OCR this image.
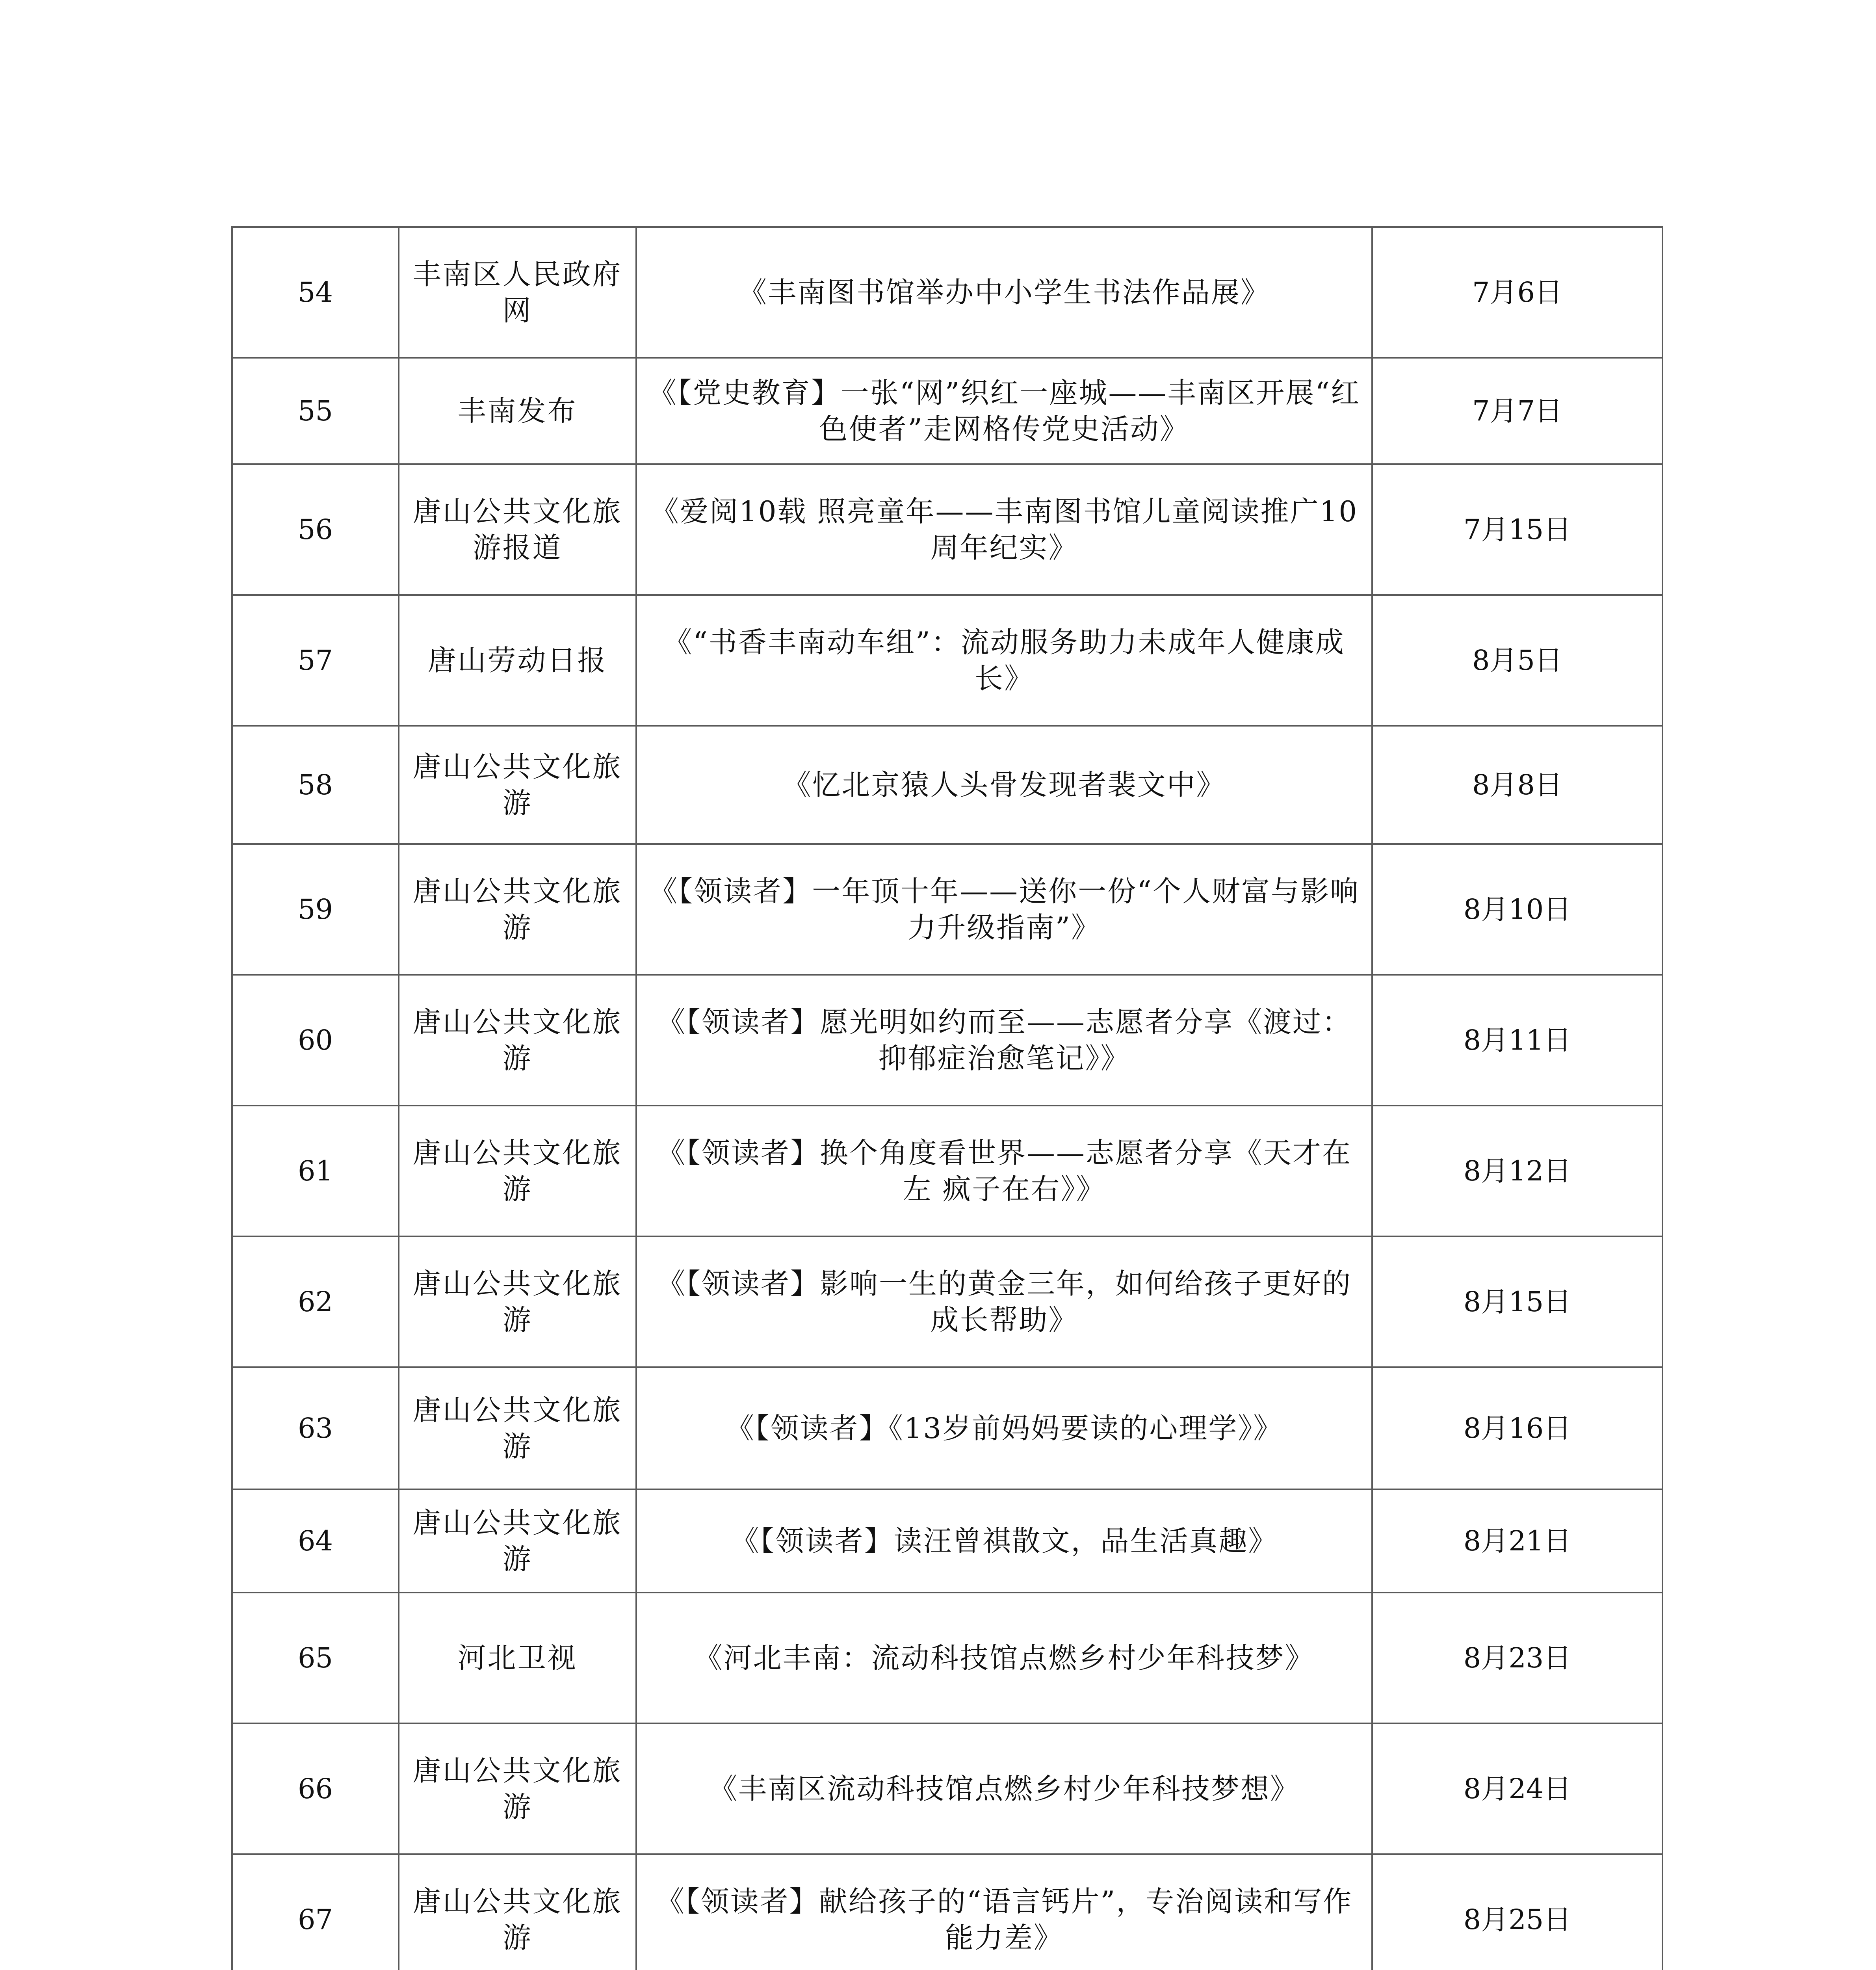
54	丰南区人民政府网	《丰南图书馆举办中小学生书法作品展》	7月6日
55	丰南发布	《【党史教育】一张“网”织红一座城——丰南区开展“红色使者”走网格传党史活动》	7月7日
56	唐山公共文化旅游报道	《爱阅10载 照亮童年——丰南图书馆儿童阅读推广10周年纪实》	7月15日
57	唐山劳动日报	《“书香丰南动车组”：流动服务助力未成年人健康成长》	8月5日
58	唐山公共文化旅游	《忆北京猿人头骨发现者裴文中》	8月8日
59	唐山公共文化旅游	《【领读者】一年顶十年——送你一份“个人财富与影响力升级指南”》	8月10日
60	唐山公共文化旅游	《【领读者】愿光明如约而至——志愿者分享《渡过：抑郁症治愈笔记》》	8月11日
61	唐山公共文化旅游	《【领读者】换个角度看世界——志愿者分享《天才在左 疯子在右》》	8月12日
62	唐山公共文化旅游	《【领读者】影响一生的黄金三年，如何给孩子更好的成长帮助》	8月15日
63	唐山公共文化旅游	《【领读者】《13岁前妈妈要读的心理学》》	8月16日
64	唐山公共文化旅游	《【领读者】读汪曾祺散文，品生活真趣》	8月21日
65	河北卫视	《河北丰南：流动科技馆点燃乡村少年科技梦》	8月23日
66	唐山公共文化旅游	《丰南区流动科技馆点燃乡村少年科技梦想》	8月24日
67	唐山公共文化旅游	《【领读者】献给孩子的“语言钙片”，专治阅读和写作能力差》	8月25日
